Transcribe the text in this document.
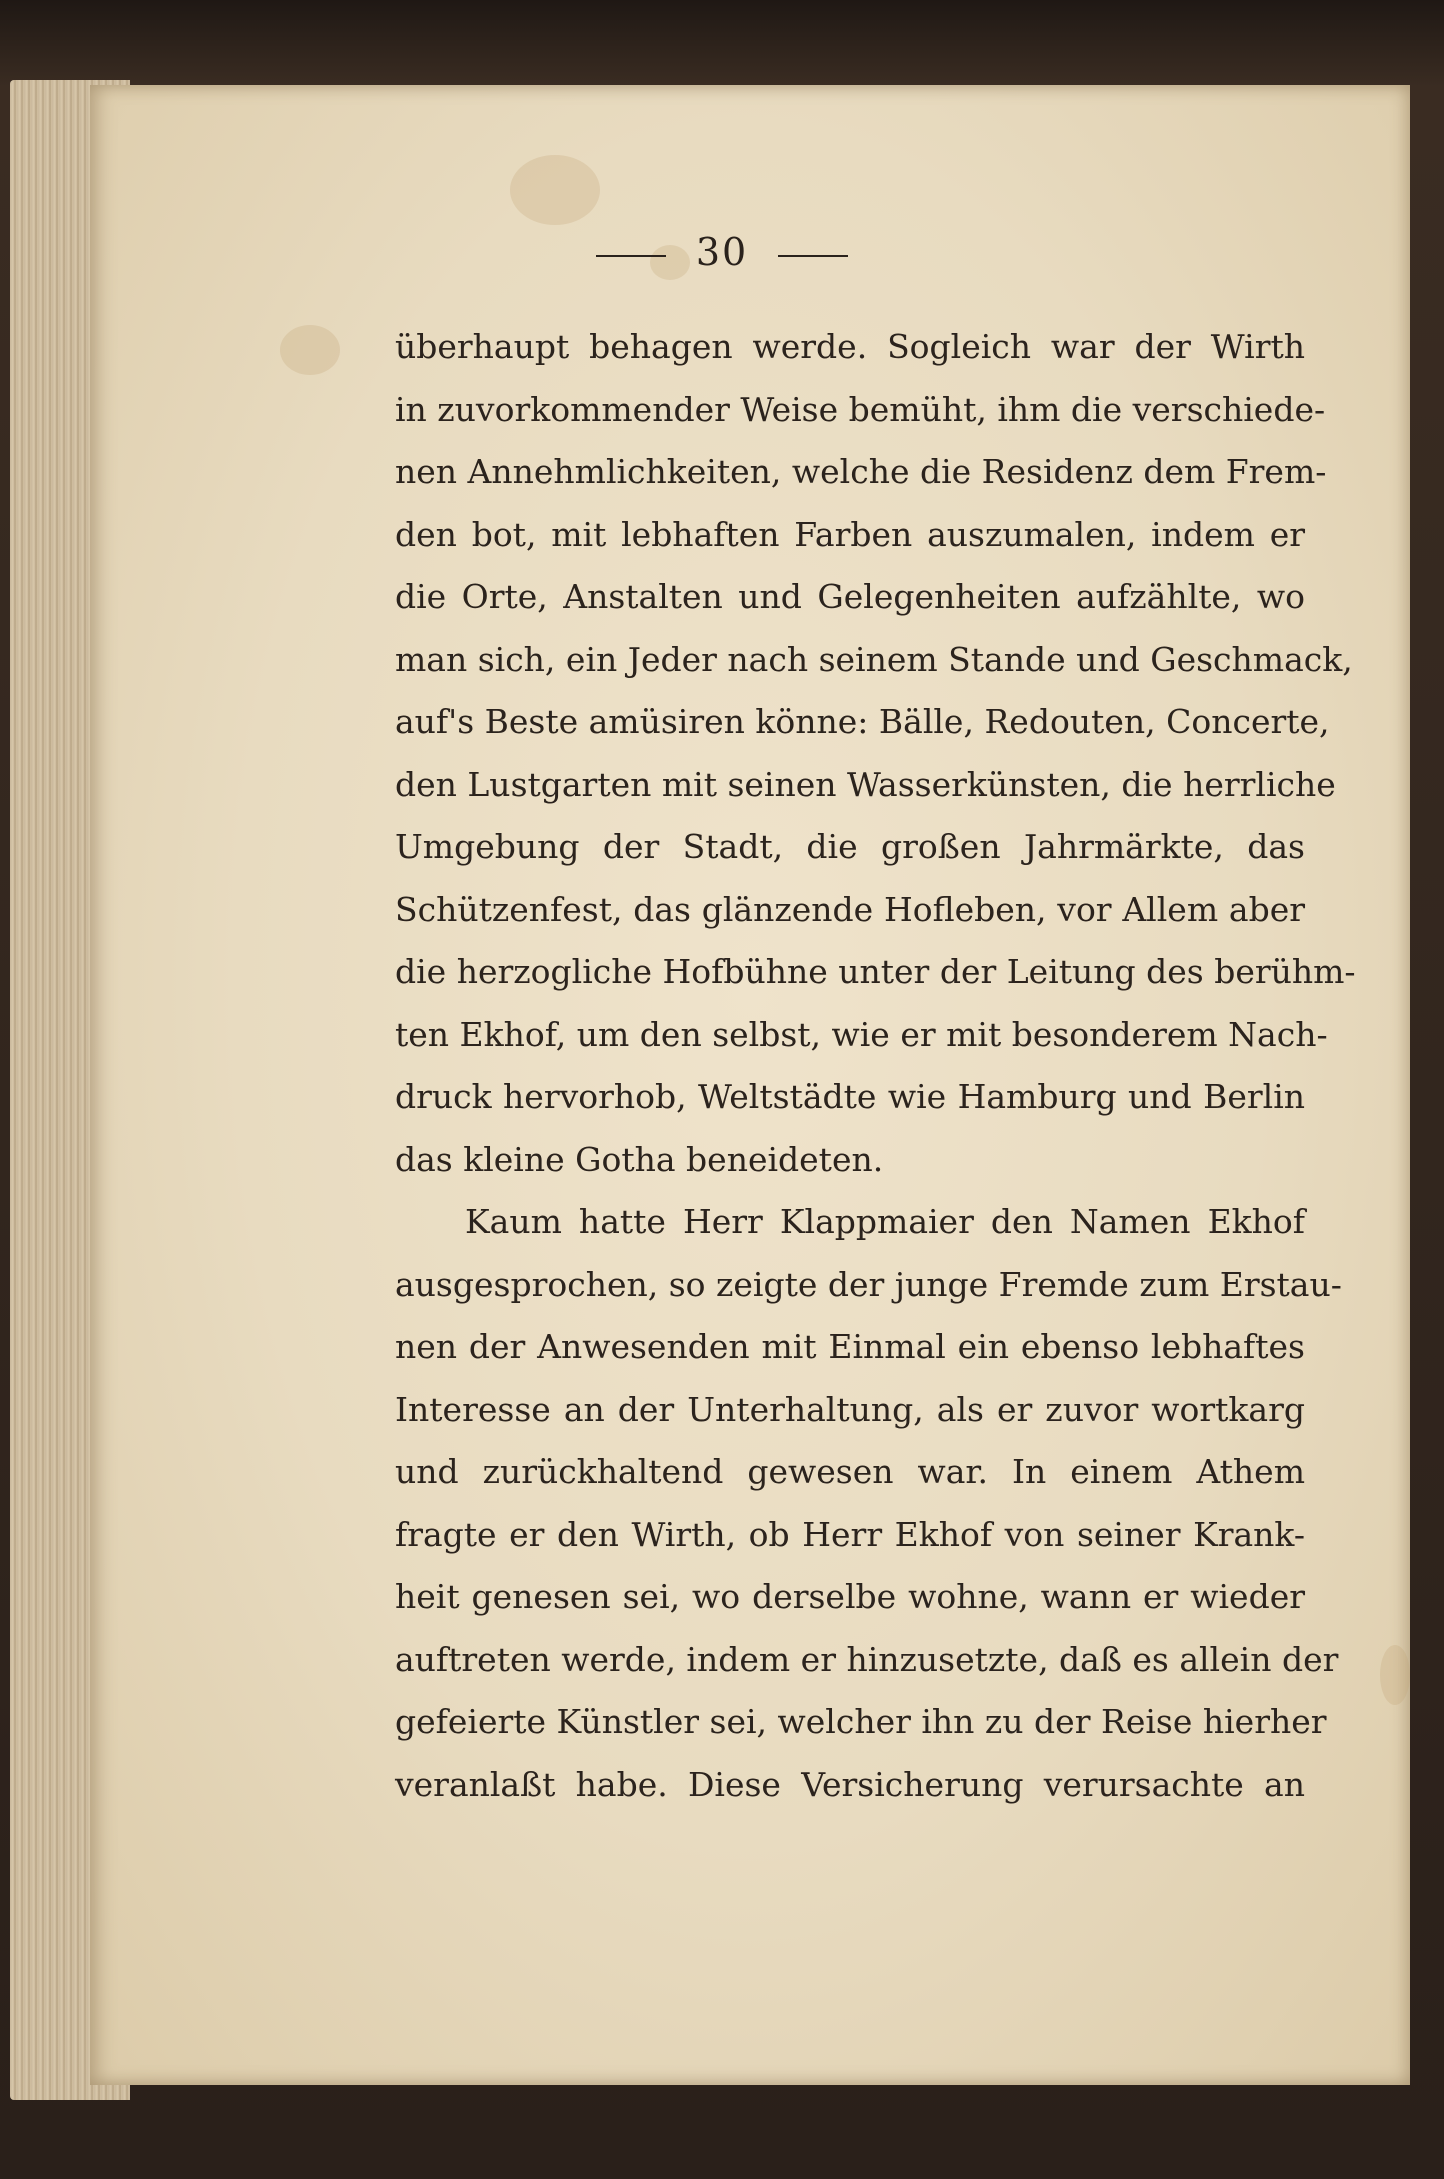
30
überhaupt behagen werde. Sogleich war der Wirth
in zuvorkommender Weise bemüht, ihm die verschiede-
nen Annehmlichkeiten, welche die Residenz dem Frem-
den bot, mit lebhaften Farben auszumalen, indem er
die Orte, Anstalten und Gelegenheiten aufzählte, wo
man sich, ein Jeder nach seinem Stande und Geschmack,
auf's Beste amüsiren könne: Bälle, Redouten, Concerte,
den Lustgarten mit seinen Wasserkünsten, die herrliche
Umgebung der Stadt, die großen Jahrmärkte, das
Schützenfest, das glänzende Hofleben, vor Allem aber
die herzogliche Hofbühne unter der Leitung des berühm-
ten Ekhof, um den selbst, wie er mit besonderem Nach-
druck hervorhob, Weltstädte wie Hamburg und Berlin
das kleine Gotha beneideten.
Kaum hatte Herr Klappmaier den Namen Ekhof
ausgesprochen, so zeigte der junge Fremde zum Erstau-
nen der Anwesenden mit Einmal ein ebenso lebhaftes
Interesse an der Unterhaltung, als er zuvor wortkarg
und zurückhaltend gewesen war. In einem Athem
fragte er den Wirth, ob Herr Ekhof von seiner Krank-
heit genesen sei, wo derselbe wohne, wann er wieder
auftreten werde, indem er hinzusetzte, daß es allein der
gefeierte Künstler sei, welcher ihn zu der Reise hierher
veranlaßt habe. Diese Versicherung verursachte an
